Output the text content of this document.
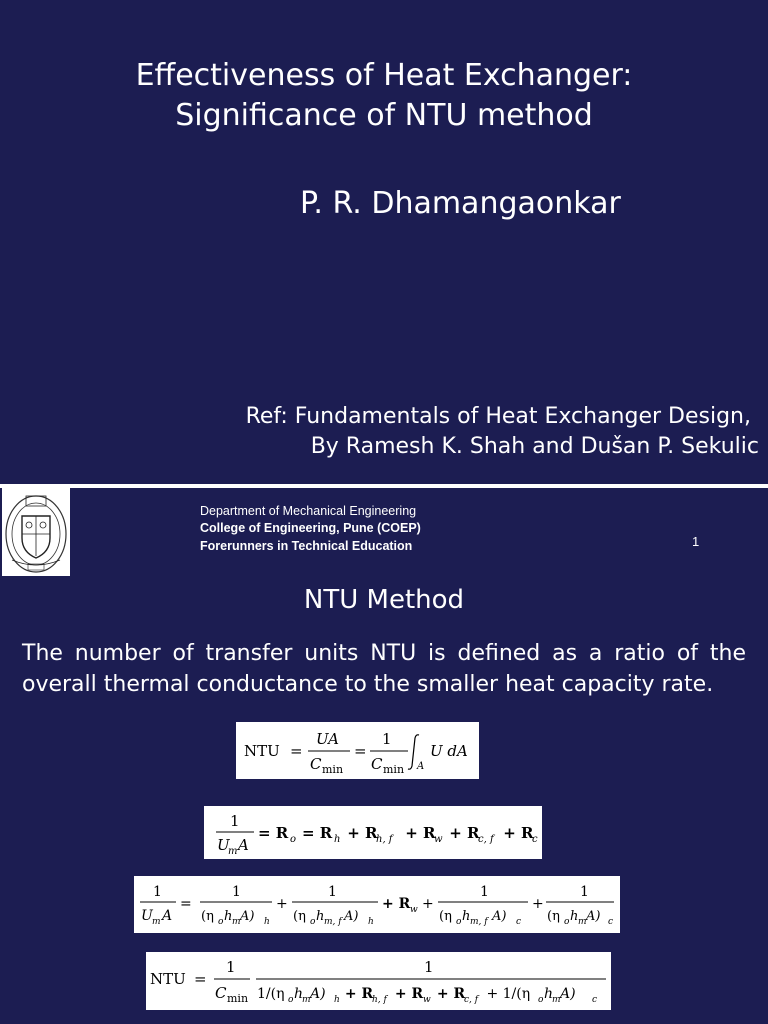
Effectiveness of Heat Exchanger:
Significance of NTU method
P. R. Dhamangaonkar
Ref: Fundamentals of Heat Exchanger Design,
By Ramesh K. Shah and Dušan P. Sekulic
Department of Mechanical Engineering
College of Engineering, Pune (COEP)
Forerunners in Technical Education	1
NTU Method
The number of transfer units NTU is defined as a ratio of the overall thermal conductance to the smaller heat capacity rate.
NTU =
UA
C min
=
1
C min A
U dA
1
U
m A
= R o = R h + R
h, f + R
w + R
c, f + R
c
1
U m A
=
1
(η o h m A) h
+
1
(η o h m, f A) h
+ R w +
1
(η o h m, f A) c
+
1
(η o h m A) c
NTU =
1
C min
1
1/(η o h
m A) h + R
h, f + R w + R
c, f + 1/(η o h
m A) c
